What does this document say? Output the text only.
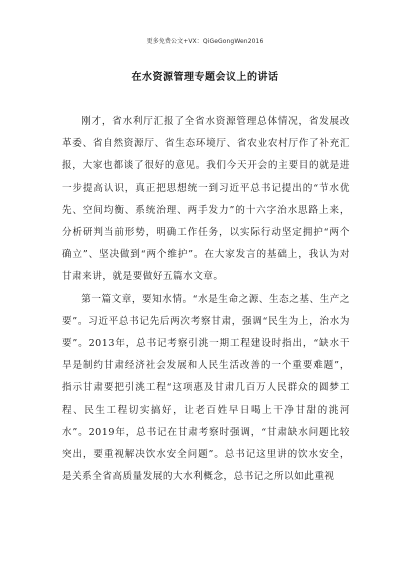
更多免费公文+VX：QiGeGongWen2016
在水资源管理专题会议上的讲话

刚才，省水利厅汇报了全省水资源管理总体情况，省发展改革委、省自然资源厅、省生态环境厅、省农业农村厅作了补充汇报，大家也都谈了很好的意见。我们今天开会的主要目的就是进一步提高认识，真正把思想统一到习近平总书记提出的“节水优先、空间均衡、系统治理、两手发力”的十六字治水思路上来，分析研判当前形势，明确工作任务，以实际行动坚定拥护“两个确立”、坚决做到“两个维护”。在大家发言的基础上，我认为对甘肃来讲，就是要做好五篇水文章。

第一篇文章，要知水情。“水是生命之源、生态之基、生产之要”。习近平总书记先后两次考察甘肃，强调“民生为上，治水为要”。2013年，总书记考察引洮一期工程建设时指出，“缺水干旱是制约甘肃经济社会发展和人民生活改善的一个重要难题”，指示甘肃要把引洮工程“这项惠及甘肃几百万人民群众的圆梦工程、民生工程切实搞好，让老百姓早日喝上干净甘甜的洮河水”。2019年，总书记在甘肃考察时强调，“甘肃缺水问题比较突出，要重视解决饮水安全问题”。总书记这里讲的饮水安全，是关系全省高质量发展的大水利概念，总书记之所以如此重视
